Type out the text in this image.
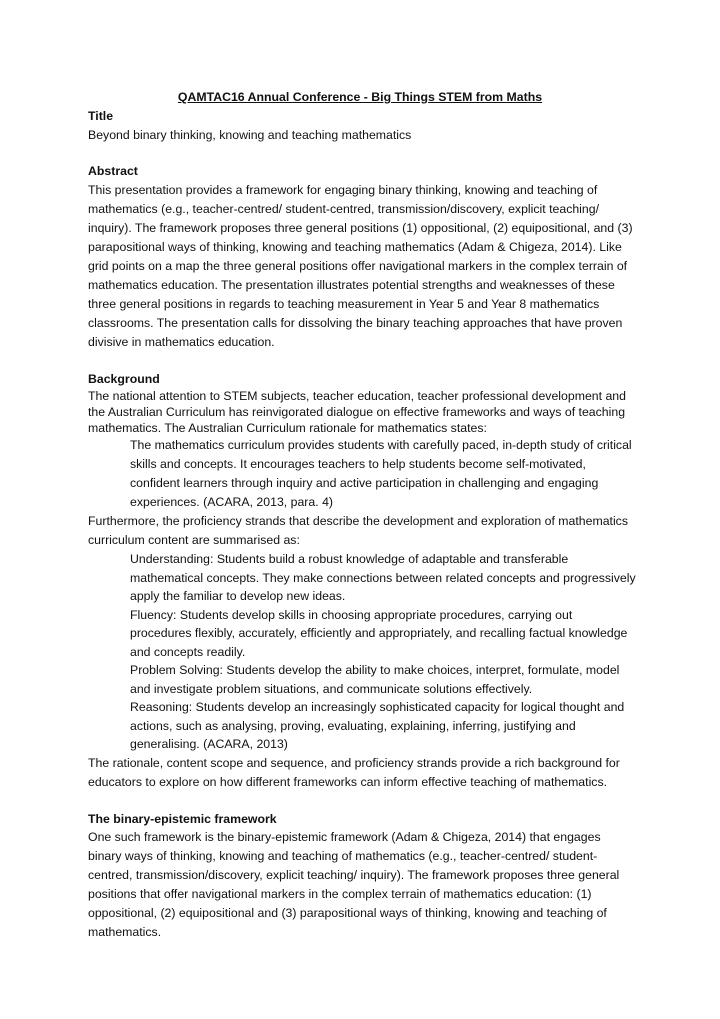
QAMTAC16 Annual Conference - Big Things STEM from Maths

Title

Beyond binary thinking, knowing and teaching mathematics

Abstract

This presentation provides a framework for engaging binary thinking, knowing and teaching of mathematics (e.g., teacher-centred/ student-centred, transmission/discovery, explicit teaching/ inquiry). The framework proposes three general positions (1) oppositional, (2) equipositional, and (3) parapositional ways of thinking, knowing and teaching mathematics (Adam & Chigeza, 2014). Like grid points on a map the three general positions offer navigational markers in the complex terrain of mathematics education. The presentation illustrates potential strengths and weaknesses of these three general positions in regards to teaching measurement in Year 5 and Year 8 mathematics classrooms. The presentation calls for dissolving the binary teaching approaches that have proven divisive in mathematics education.

Background

The national attention to STEM subjects, teacher education, teacher professional development and the Australian Curriculum has reinvigorated dialogue on effective frameworks and ways of teaching mathematics. The Australian Curriculum rationale for mathematics states:

The mathematics curriculum provides students with carefully paced, in-depth study of critical skills and concepts. It encourages teachers to help students become self-motivated, confident learners through inquiry and active participation in challenging and engaging experiences. (ACARA, 2013, para. 4)

Furthermore, the proficiency strands that describe the development and exploration of mathematics curriculum content are summarised as:

Understanding: Students build a robust knowledge of adaptable and transferable mathematical concepts. They make connections between related concepts and progressively apply the familiar to develop new ideas.

Fluency: Students develop skills in choosing appropriate procedures, carrying out procedures flexibly, accurately, efficiently and appropriately, and recalling factual knowledge and concepts readily.

Problem Solving: Students develop the ability to make choices, interpret, formulate, model and investigate problem situations, and communicate solutions effectively.

Reasoning: Students develop an increasingly sophisticated capacity for logical thought and actions, such as analysing, proving, evaluating, explaining, inferring, justifying and generalising. (ACARA, 2013)

The rationale, content scope and sequence, and proficiency strands provide a rich background for educators to explore on how different frameworks can inform effective teaching of mathematics.

The binary-epistemic framework

One such framework is the binary-epistemic framework (Adam & Chigeza, 2014) that engages binary ways of thinking, knowing and teaching of mathematics (e.g., teacher-centred/ student-centred, transmission/discovery, explicit teaching/ inquiry). The framework proposes three general positions that offer navigational markers in the complex terrain of mathematics education: (1) oppositional, (2) equipositional and (3) parapositional ways of thinking, knowing and teaching of mathematics.
